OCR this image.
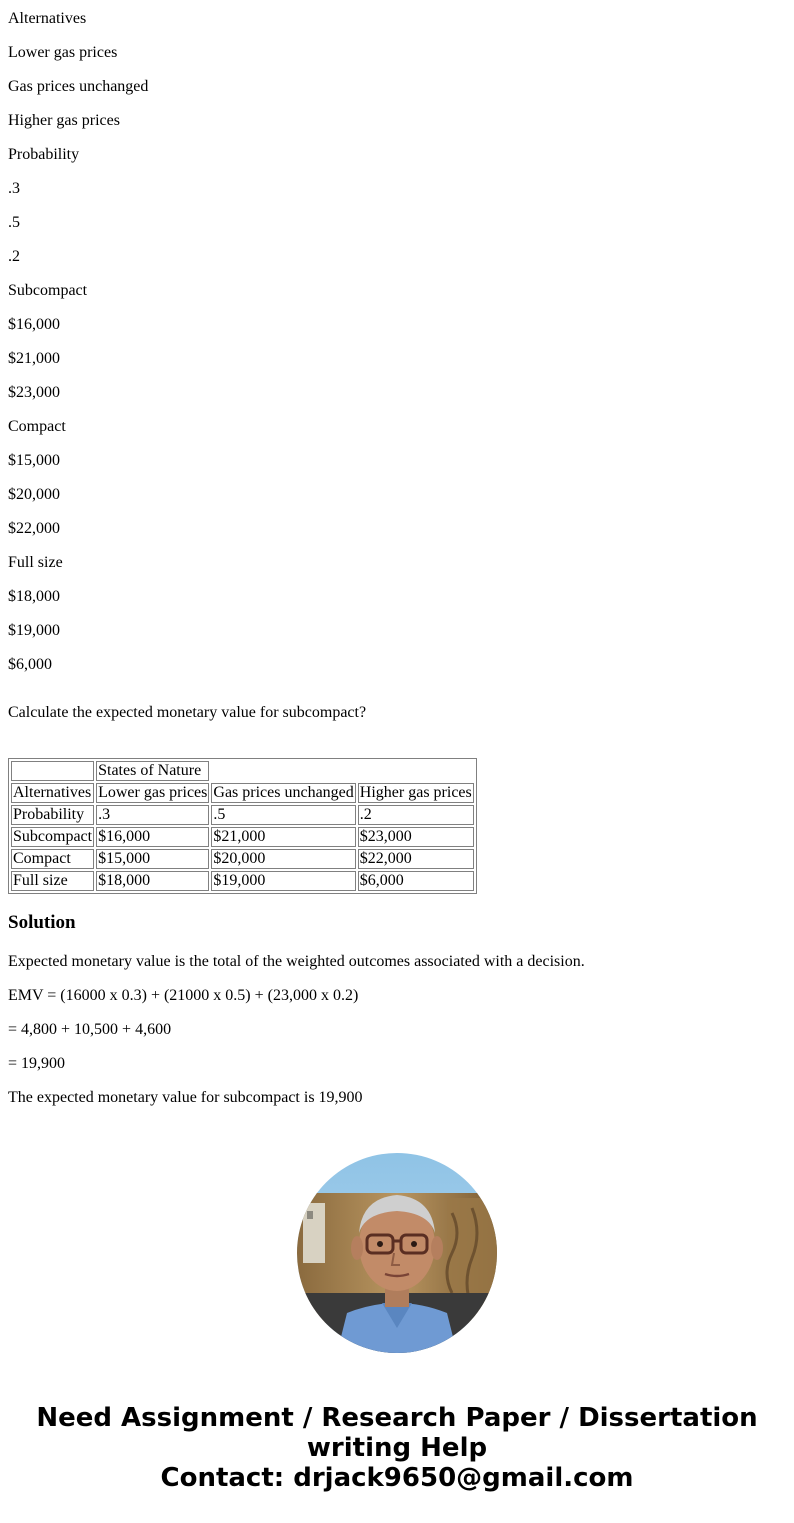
Alternatives

Lower gas prices

Gas prices unchanged

Higher gas prices

Probability

.3

.5

.2

Subcompact

$16,000

$21,000

$23,000

Compact

$15,000

$20,000

$22,000

Full size

$18,000

$19,000

$6,000

Calculate the expected monetary value for subcompact?

	States of Nature		
Alternatives	Lower gas prices	Gas prices unchanged	Higher gas prices
Probability	.3	.5	.2
Subcompact	$16,000	$21,000	$23,000
Compact	$15,000	$20,000	$22,000
Full size	$18,000	$19,000	$6,000
Solution

Expected monetary value is the total of the weighted outcomes associated with a decision.

EMV = (16000 x 0.3) + (21000 x 0.5) + (23,000 x 0.2)

= 4,800 + 10,500 + 4,600

= 19,900

The expected monetary value for subcompact is 19,900

Need Assignment / Research Paper / Dissertation
writing Help
Contact: drjack9650@gmail.com
